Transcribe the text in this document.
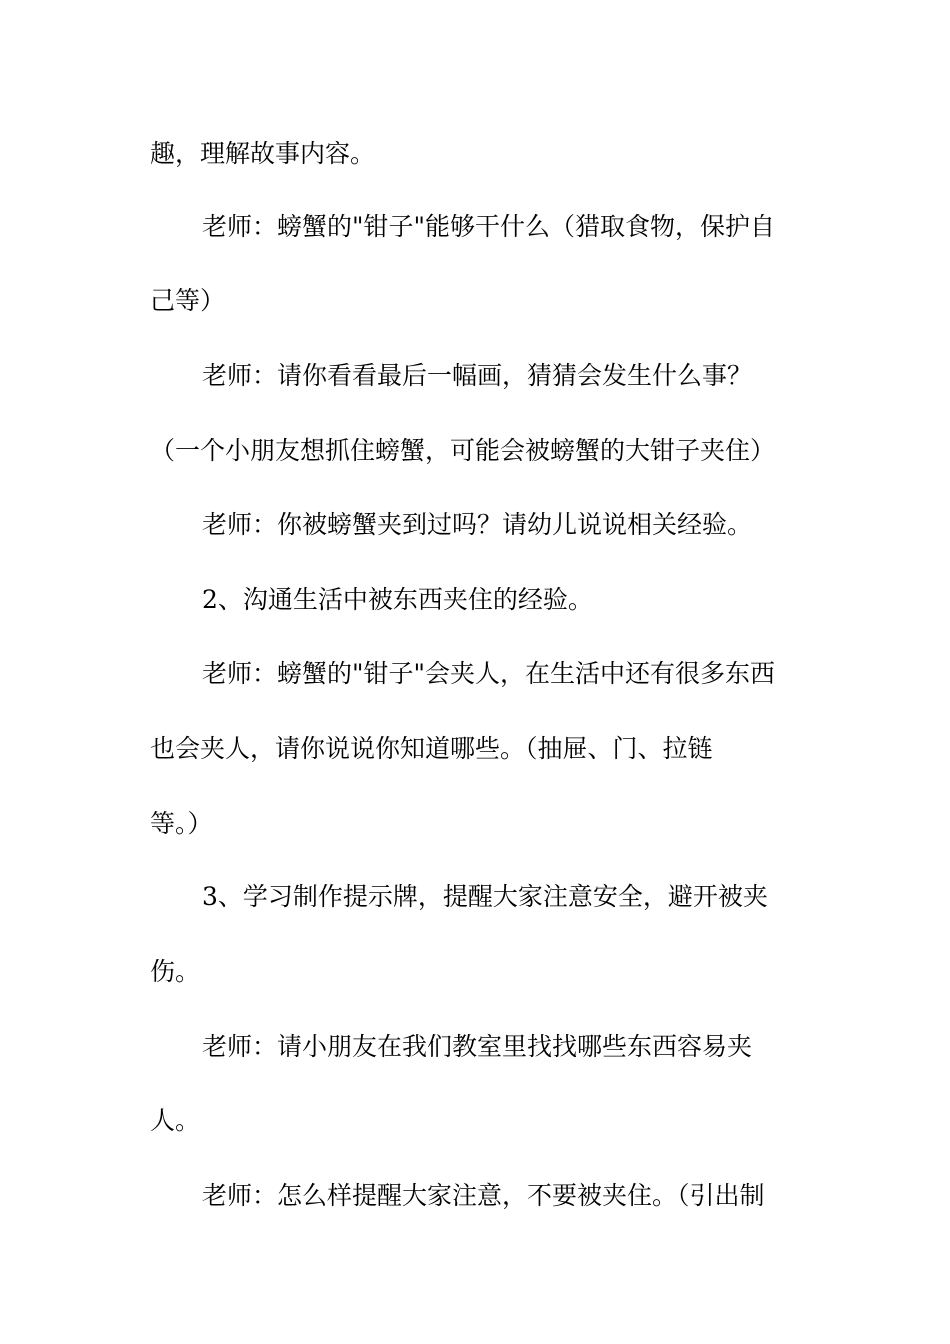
趣，理解故事内容。
老师：螃蟹的"钳子"能够干什么（猎取食物，保护自
己等）
老师：请你看看最后一幅画，猜猜会发生什么事？
（一个小朋友想抓住螃蟹，可能会被螃蟹的大钳子夹住）
老师：你被螃蟹夹到过吗？请幼儿说说相关经验。
2、沟通生活中被东西夹住的经验。
老师：螃蟹的"钳子"会夹人，在生活中还有很多东西
也会夹人，请你说说你知道哪些。（抽屉、门、拉链
等。）
3、学习制作提示牌，提醒大家注意安全，避开被夹
伤。
老师：请小朋友在我们教室里找找哪些东西容易夹
人。
老师：怎么样提醒大家注意，不要被夹住。（引出制
